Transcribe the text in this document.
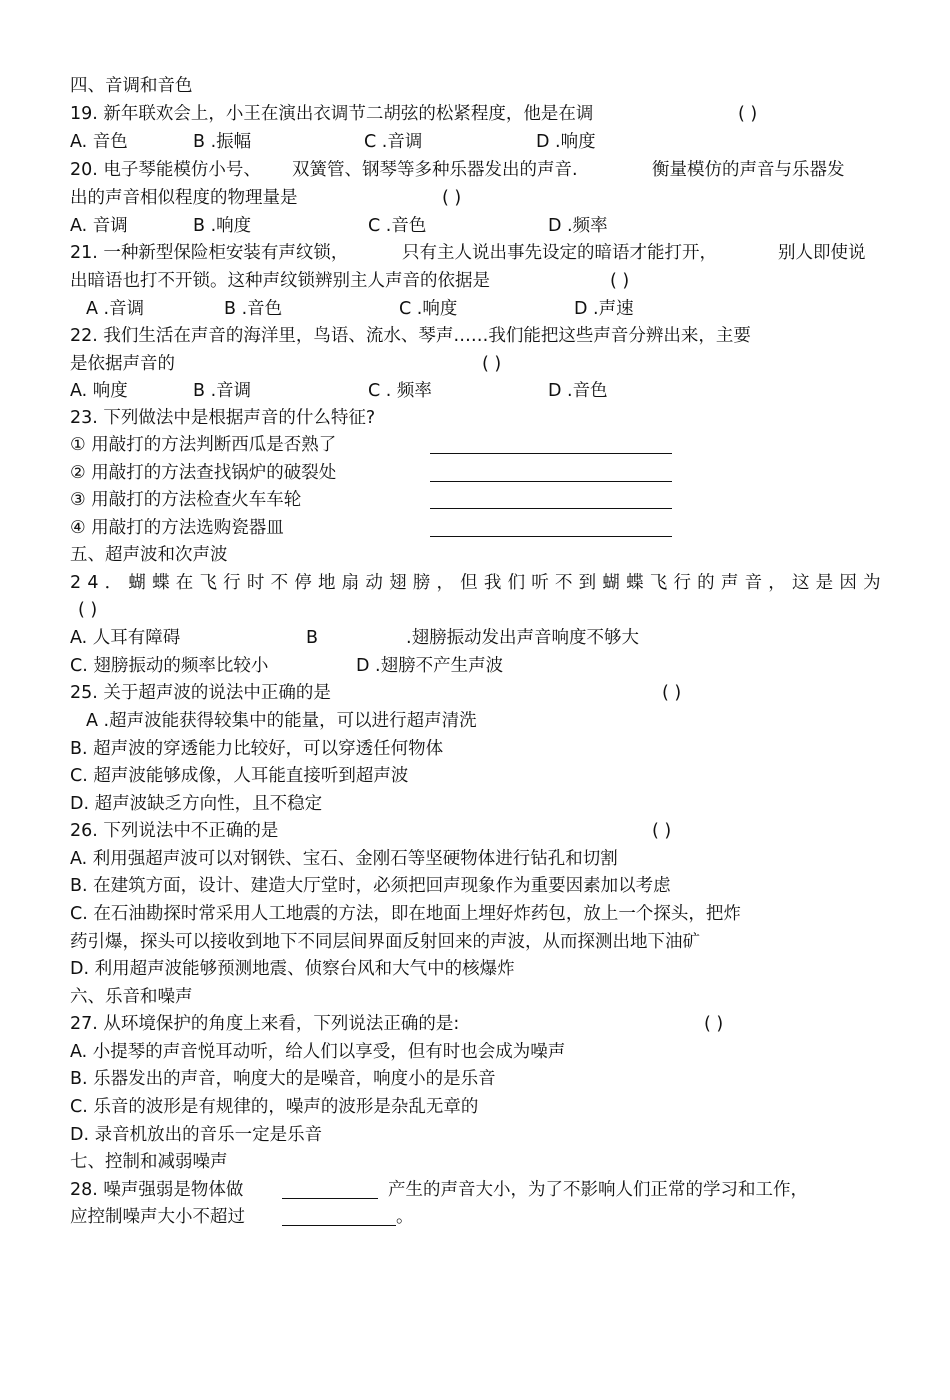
四、音调和音色
19. 新年联欢会上，小王在演出衣调节二胡弦的松紧程度，他是在调	( )
A. 音色	B .振幅	C .音调	D .响度
20. 电子琴能模仿小号、 双簧管、钢琴等多种乐器发出的声音.	衡量模仿的声音与乐器发
出的声音相似程度的物理量是	( )
A. 音调	B .响度	C .音色	D .频率
21. 一种新型保险柜安装有声纹锁，	只有主人说出事先设定的暗语才能打开，	别人即使说
出暗语也打不开锁。这种声纹锁辨别主人声音的依据是	( )
A .音调	B .音色	C .响度	D .声速
22. 我们生活在声音的海洋里，鸟语、流水、琴声……我们能把这些声音分辨出来，主要
是依据声音的	( )
A. 响度	B .音调	C . 频率	D .音色
23. 下列做法中是根据声音的什么特征?
① 用敲打的方法判断西瓜是否熟了
② 用敲打的方法查找锅炉的破裂处
③ 用敲打的方法检查火车车轮
④ 用敲打的方法选购瓷器皿
五、超声波和次声波
24．蝴蝶在飞行时不停地扇动翅膀，但我们听不到蝴蝶飞行的声音，这是因为
( )
A. 人耳有障碍	B	.翅膀振动发出声音响度不够大
C. 翅膀振动的频率比较小	D .翅膀不产生声波
25. 关于超声波的说法中正确的是	( )
A .超声波能获得较集中的能量，可以进行超声清洗
B. 超声波的穿透能力比较好，可以穿透任何物体
C. 超声波能够成像，人耳能直接听到超声波
D. 超声波缺乏方向性，且不稳定
26. 下列说法中不正确的是	( )
A. 利用强超声波可以对钢铁、宝石、金刚石等坚硬物体进行钻孔和切割
B. 在建筑方面，设计、建造大厅堂时，必须把回声现象作为重要因素加以考虑
C. 在石油勘探时常采用人工地震的方法，即在地面上埋好炸药包，放上一个探头，把炸
药引爆，探头可以接收到地下不同层间界面反射回来的声波，从而探测出地下油矿
D. 利用超声波能够预测地震、侦察台风和大气中的核爆炸
六、乐音和噪声
27. 从环境保护的角度上来看，下列说法正确的是:	( )
A. 小提琴的声音悦耳动听，给人们以享受，但有时也会成为噪声
B. 乐器发出的声音，响度大的是噪音，响度小的是乐音
C. 乐音的波形是有规律的，噪声的波形是杂乱无章的
D. 录音机放出的音乐一定是乐音
七、控制和减弱噪声
28. 噪声强弱是物体做	产生的声音大小，为了不影响人们正常的学习和工作，
应控制噪声大小不超过	。
